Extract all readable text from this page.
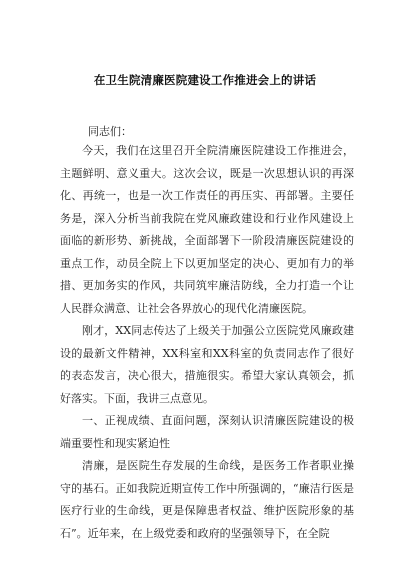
在卫生院清廉医院建设工作推进会上的讲话
同志们：

今天，我们在这里召开全院清廉医院建设工作推进会，主题鲜明、意义重大。这次会议，既是一次思想认识的再深化、再统一，也是一次工作责任的再压实、再部署。主要任务是，深入分析当前我院在党风廉政建设和行业作风建设上面临的新形势、新挑战，全面部署下一阶段清廉医院建设的重点工作，动员全院上下以更加坚定的决心、更加有力的举措、更加务实的作风，共同筑牢廉洁防线，全力打造一个让人民群众满意、让社会各界放心的现代化清廉医院。

刚才，XX同志传达了上级关于加强公立医院党风廉政建设的最新文件精神，XX科室和XX科室的负责同志作了很好的表态发言，决心很大，措施很实。希望大家认真领会，抓好落实。下面，我讲三点意见。

一、正视成绩、直面问题，深刻认识清廉医院建设的极端重要性和现实紧迫性

清廉，是医院生存发展的生命线，是医务工作者职业操守的基石。正如我院近期宣传工作中所强调的，“廉洁行医是医疗行业的生命线，更是保障患者权益、维护医院形象的基石”。近年来，在上级党委和政府的坚强领导下，在全院
